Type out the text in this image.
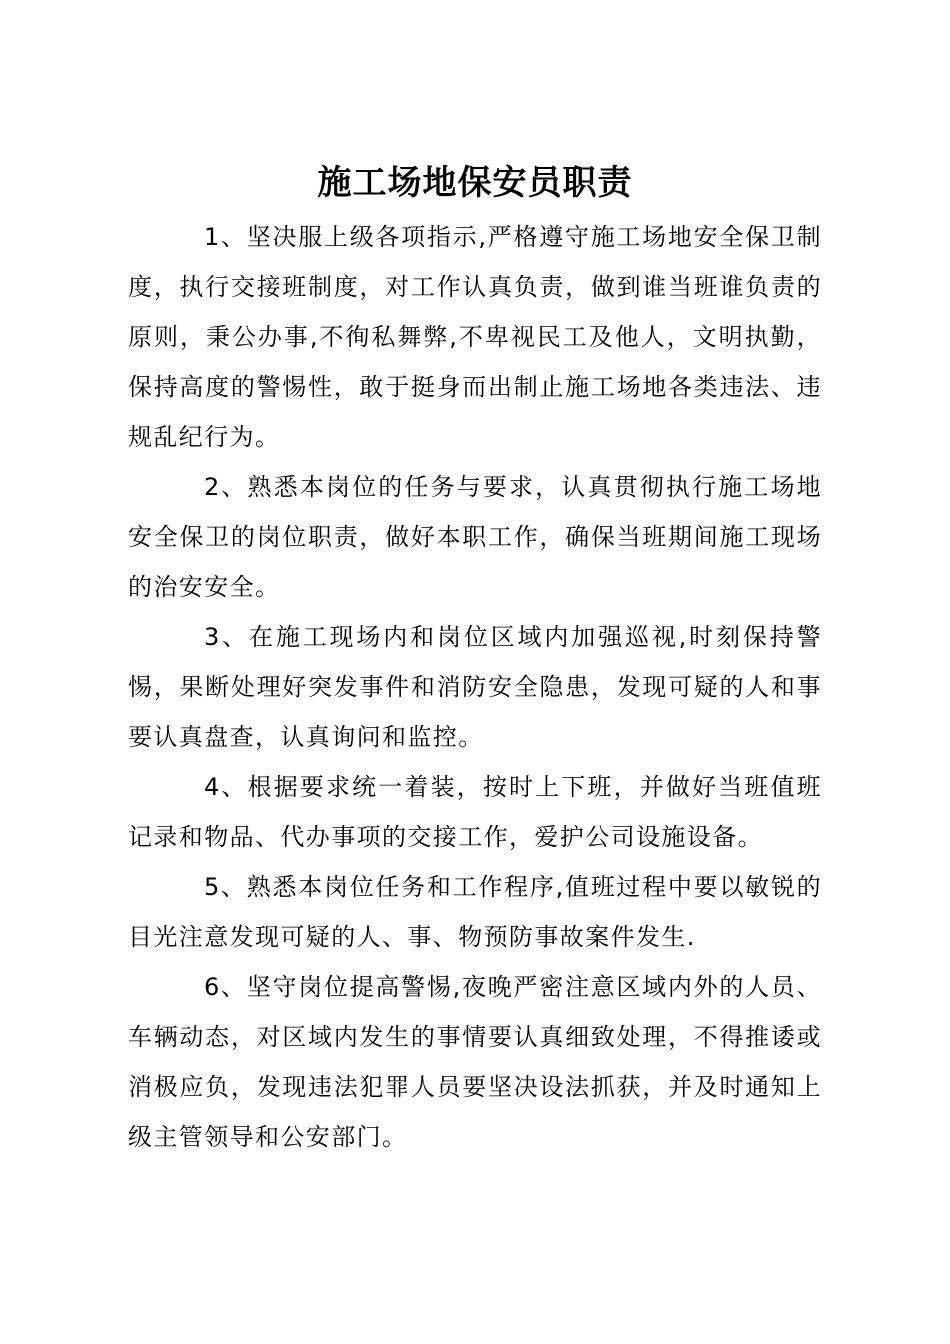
施工场地保安员职责

1、坚决服上级各项指示,严格遵守施工场地安全保卫制度，执行交接班制度，对工作认真负责，做到谁当班谁负责的原则，秉公办事,不徇私舞弊,不卑视民工及他人，文明执勤，保持高度的警惕性，敢于挺身而出制止施工场地各类违法、违规乱纪行为。

2、熟悉本岗位的任务与要求，认真贯彻执行施工场地安全保卫的岗位职责，做好本职工作，确保当班期间施工现场的治安安全。

3、在施工现场内和岗位区域内加强巡视,时刻保持警惕，果断处理好突发事件和消防安全隐患，发现可疑的人和事要认真盘查，认真询问和监控。

4、根据要求统一着装，按时上下班，并做好当班值班记录和物品、代办事项的交接工作，爱护公司设施设备。

5、熟悉本岗位任务和工作程序,值班过程中要以敏锐的目光注意发现可疑的人、事、物预防事故案件发生.

6、坚守岗位提高警惕,夜晚严密注意区域内外的人员、车辆动态，对区域内发生的事情要认真细致处理，不得推诿或消极应负，发现违法犯罪人员要坚决设法抓获，并及时通知上级主管领导和公安部门。
